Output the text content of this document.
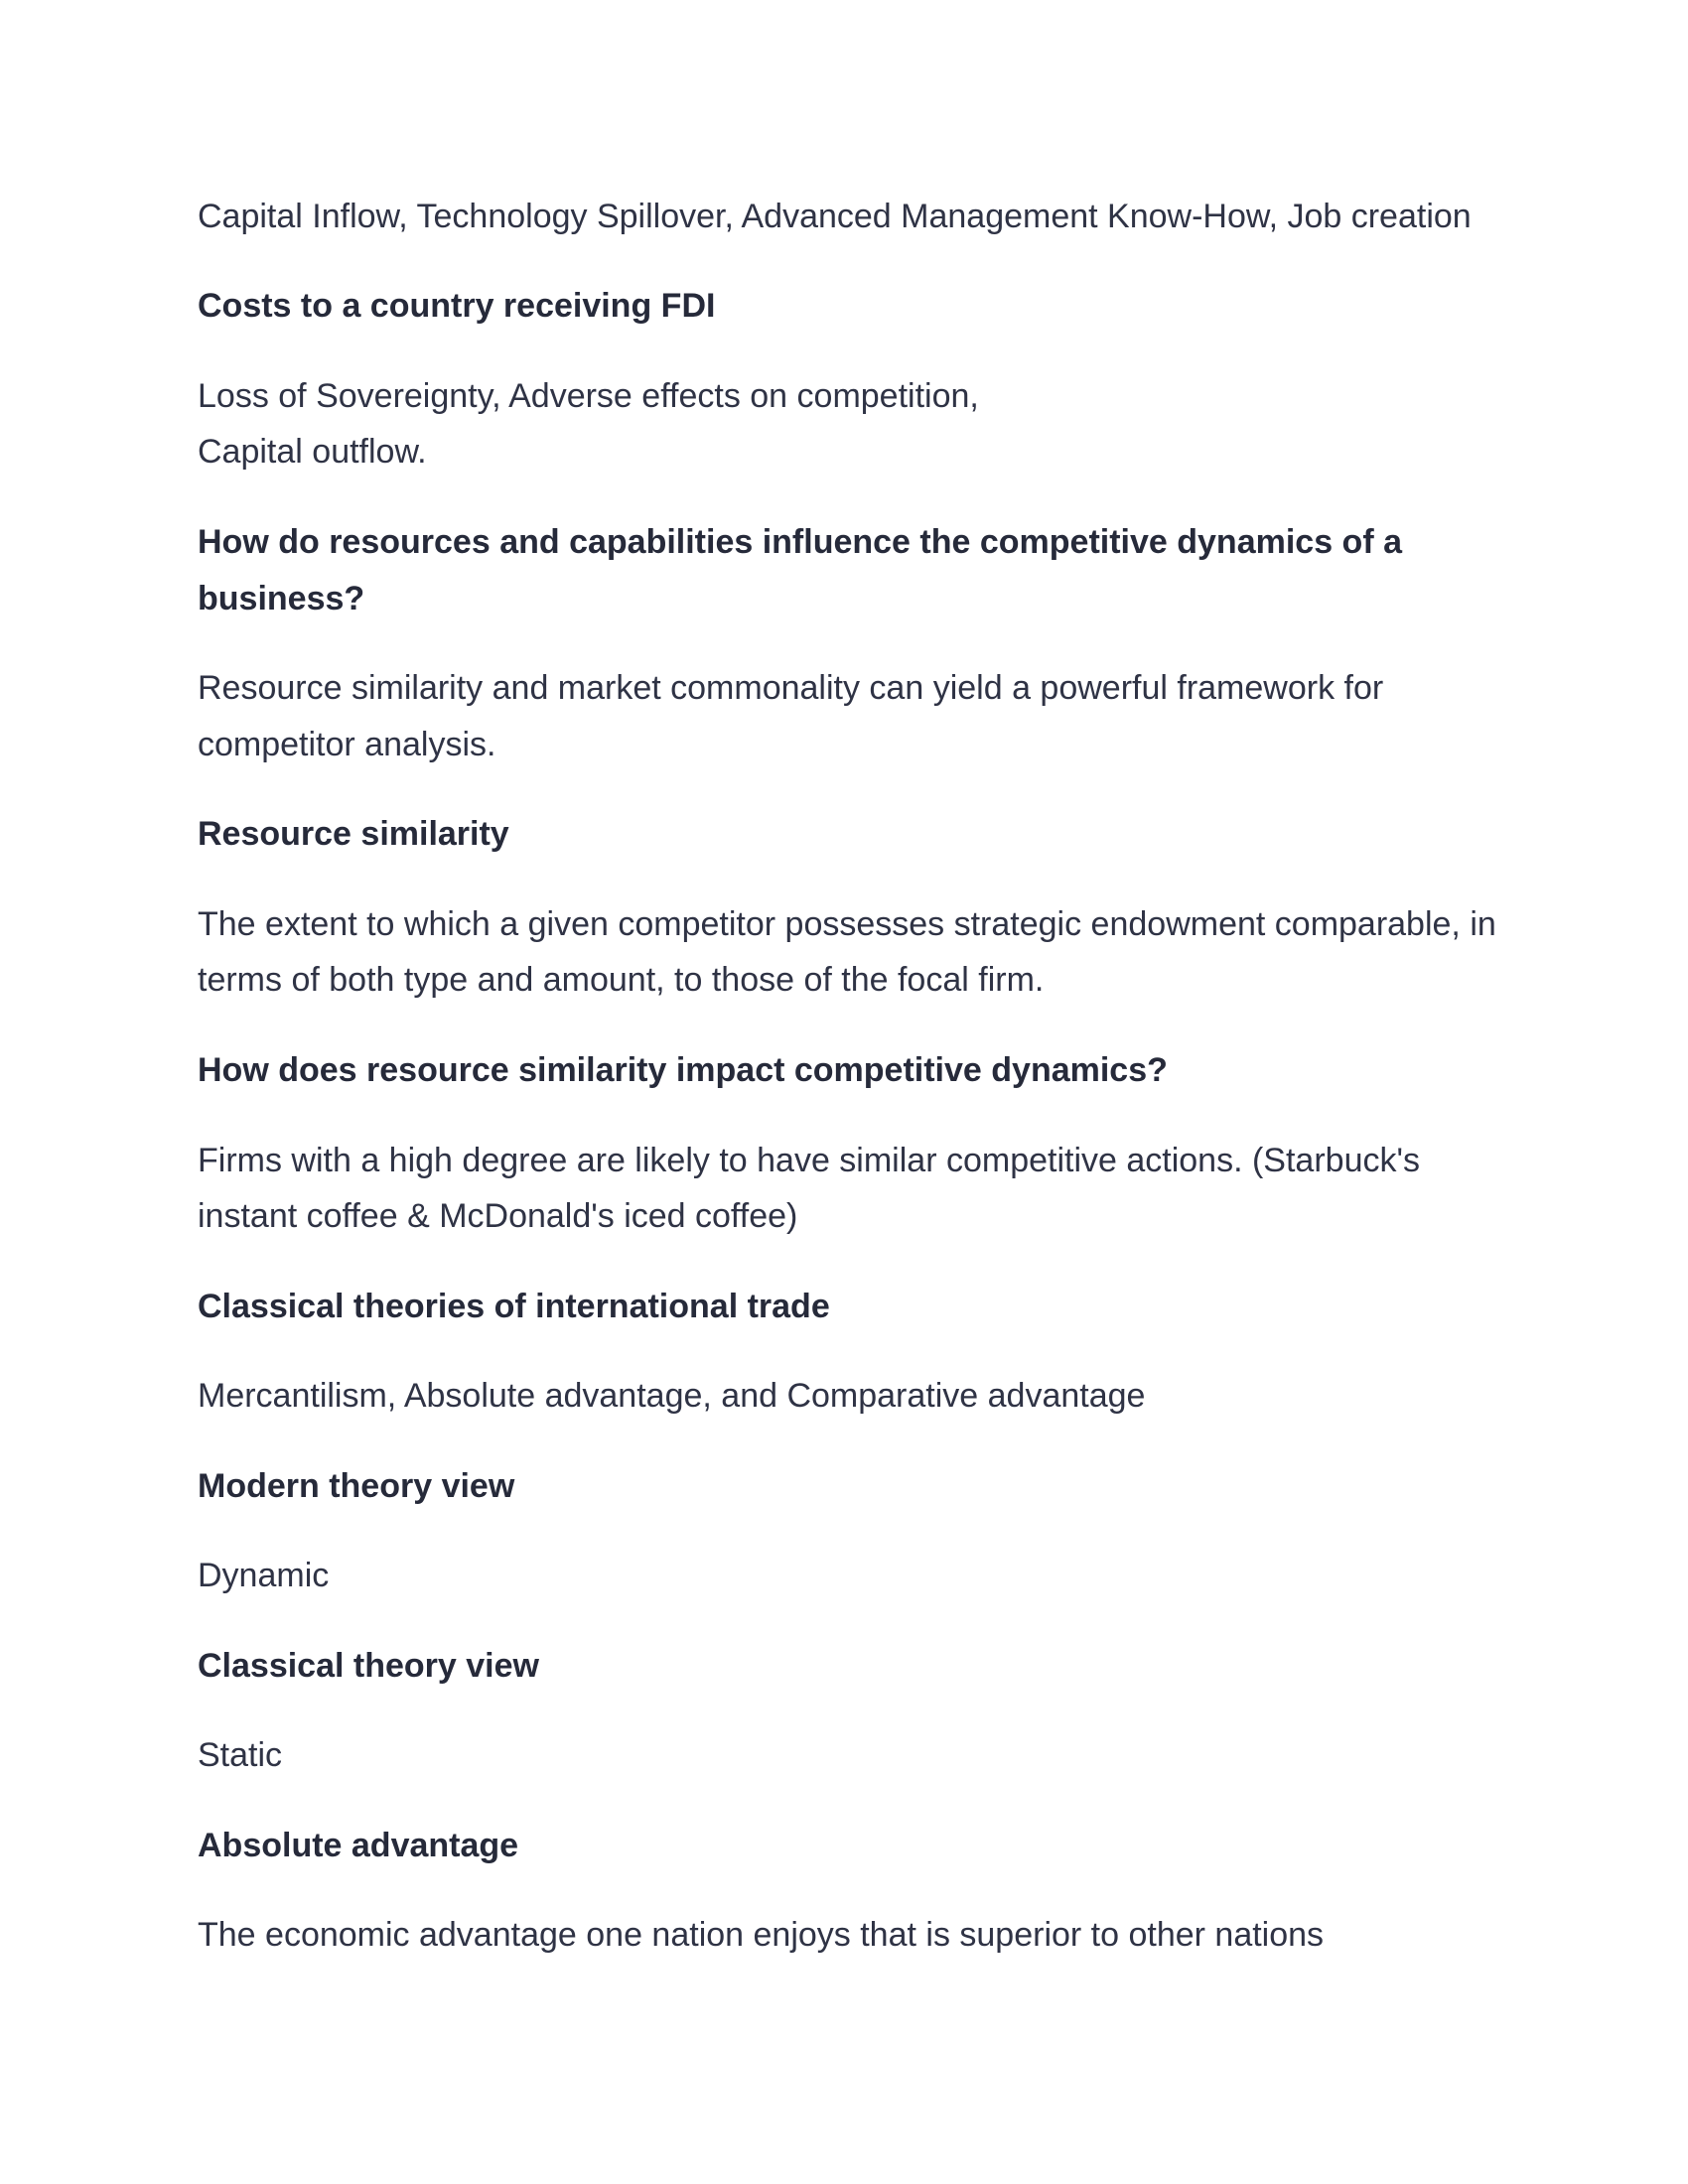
Capital Inflow, Technology Spillover, Advanced Management Know-How, Job creation

Costs to a country receiving FDI

Loss of Sovereignty, Adverse effects on competition,

Capital outflow.

How do resources and capabilities influence the competitive dynamics of a

business?

Resource similarity and market commonality can yield a powerful framework for

competitor analysis.

Resource similarity

The extent to which a given competitor possesses strategic endowment comparable, in

terms of both type and amount, to those of the focal firm.

How does resource similarity impact competitive dynamics?

Firms with a high degree are likely to have similar competitive actions. (Starbuck's

instant coffee & McDonald's iced coffee)

Classical theories of international trade

Mercantilism, Absolute advantage, and Comparative advantage

Modern theory view

Dynamic

Classical theory view

Static

Absolute advantage

The economic advantage one nation enjoys that is superior to other nations
